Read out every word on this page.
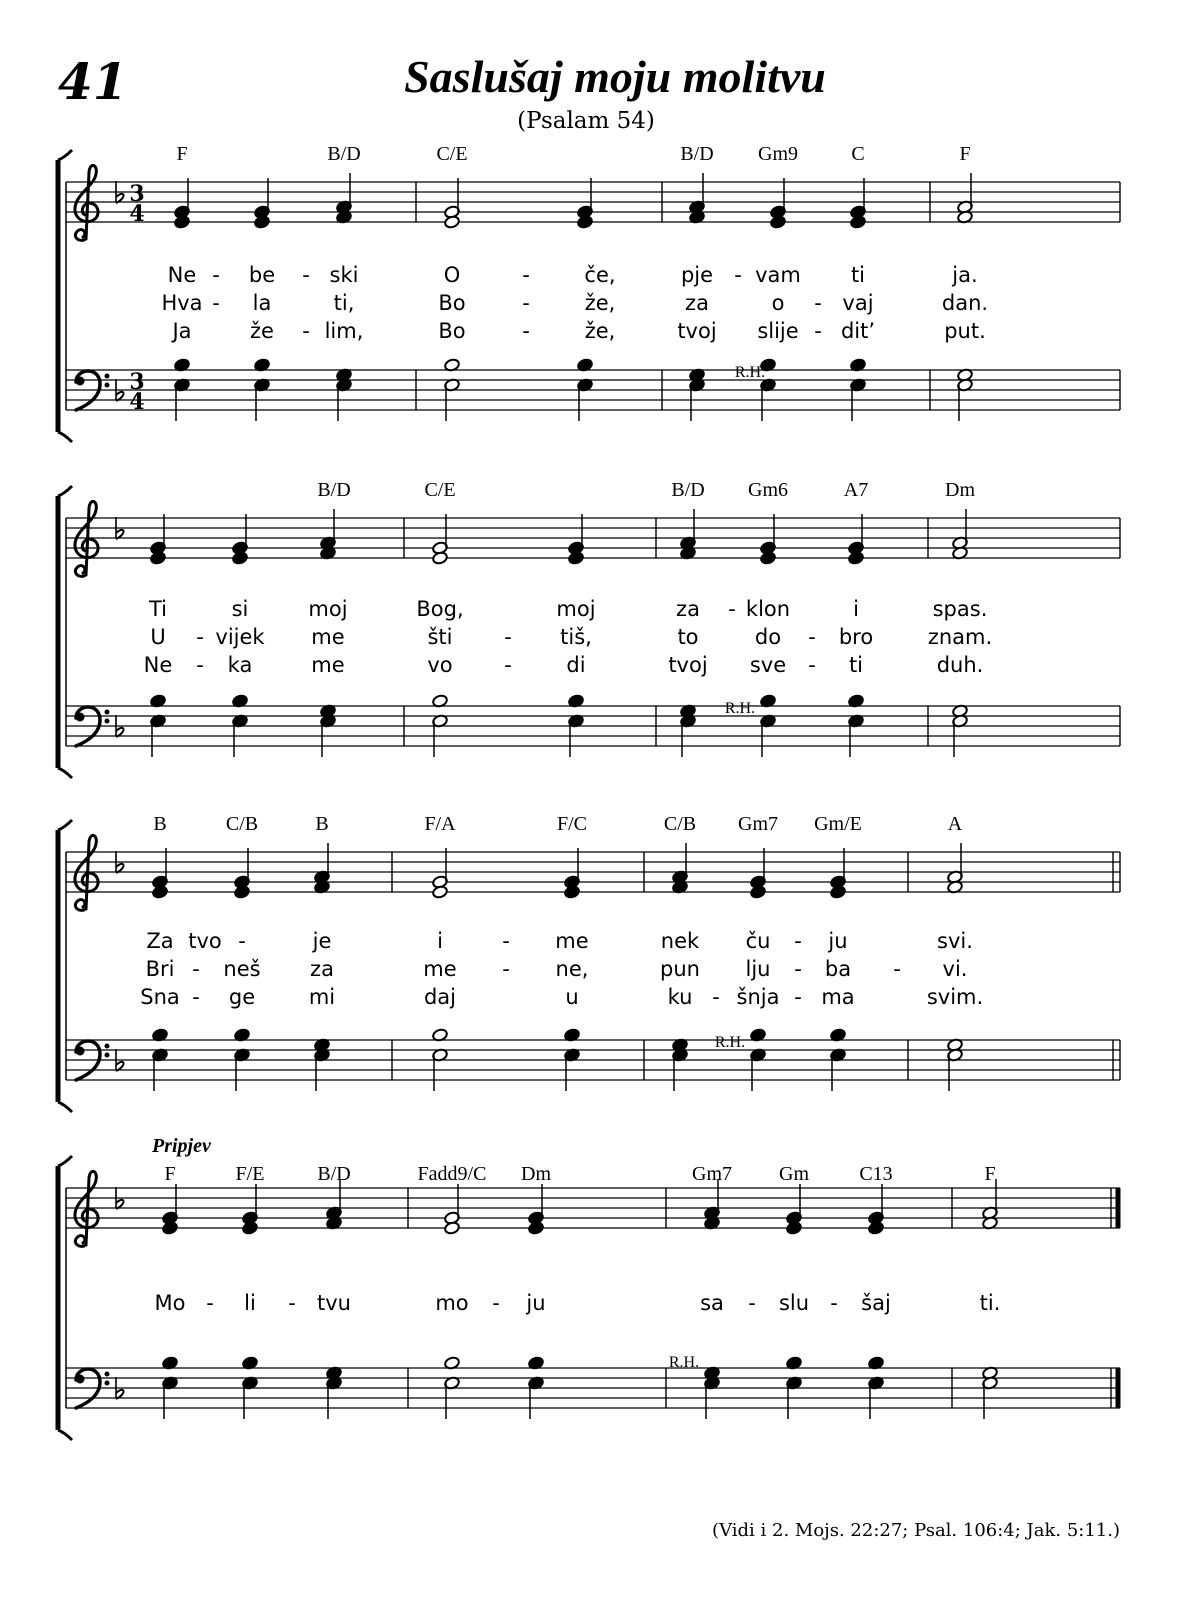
41	Saslušaj moju molitvu
(Psalam 54)
3
4
3
4
R.H.
F	B/D	C/E	B/D Gm9	C	F
Ne - be - ski	O	-	če,	pje - vam ti	ja.
Hva - la	ti,	Bo	-	že,	za	o - vaj	dan.
Ja	že - lim,	Bo	-	že,	tvoj slije - dit’	put.
R.H.
B/D	C/E	B/D Gm6	A7	Dm
Ti	si	moj	Bog,	moj	za - klon	i	spas.
U - vijek me	šti - tiš,	to	do - bro	znam.
Ne - ka	me	vo -	di	tvoj sve - ti	duh.
R.H.
B	C/B	B	F/A	F/C	C/B Gm7 Gm/E	A
Za tvo -	je	i	- me	nek ču - ju	svi.
Bri - neš za	me - ne,	pun lju - ba - vi.
Sna - ge	mi	daj	u	ku - šnja - ma	svim.
R.H.
Pripjev
F	F/E	B/D	Fadd9/C Dm	Gm7 Gm	C13	F
Mo - li - tvu	mo - ju	sa - slu - šaj	ti.
(Vidi i 2. Mojs. 22:27; Psal. 106:4; Jak. 5:11.)
